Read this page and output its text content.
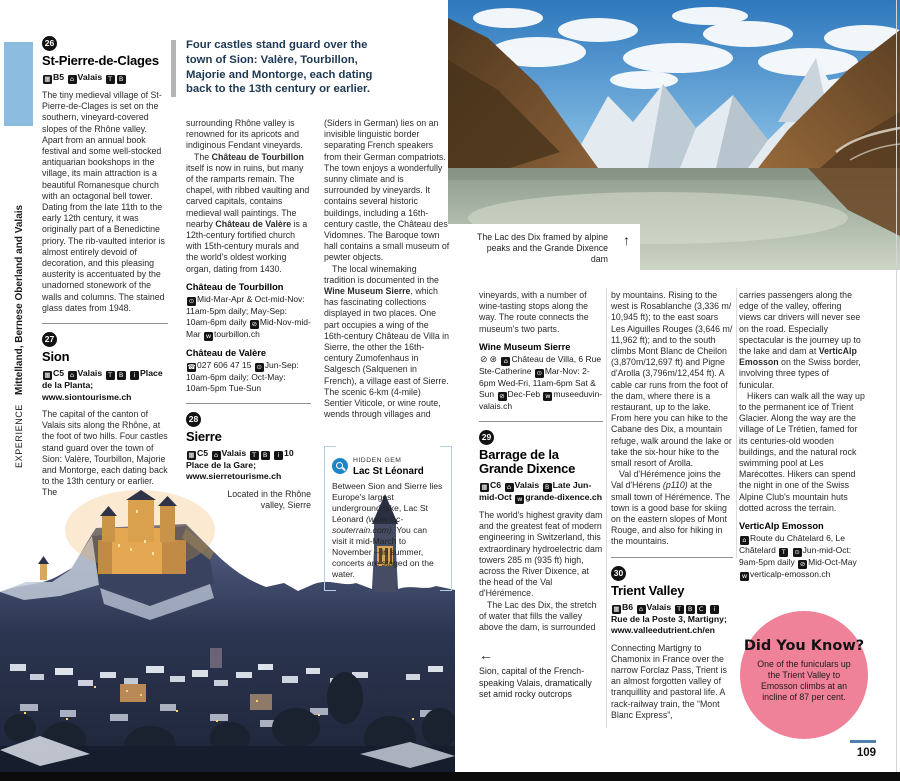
The Lac des Dix framed by alpine peaks and the Grande Dixence dam
↑
EXPERIENCEMittelland, Bernese Oberland and Valais
Four castles stand guard over the town of Sion: Valère, Tourbillon, Majorie and Montorge, each dating back to the 13th century or earlier.
26
St-Pierre-de-Clages
▦ B5 ⌂ Valais T B

The tiny medieval village of St-Pierre-de-Clages is set on the southern, vineyard-covered slopes of the Rhône valley. Apart from an annual book festival and some well-stocked antiquarian bookshops in the village, its main attraction is a beautiful Romanesque church with an octagonal bell tower. Dating from the late 11th to the early 12th century, it was originally part of a Benedictine priory. The rib-vaulted interior is almost entirely devoid of decoration, and this pleasing austerity is accentuated by the unadorned stonework of the walls and columns. The stained glass dates from 1948.

27
Sion
▦ C5 ⌂ Valais T B i Place de la Planta; www.siontourisme.ch

The capital of the canton of Valais sits along the Rhône, at the foot of two hills. Four castles stand guard over the town of Sion: Valère, Tourbillon, Majorie and Montorge, each dating back to the 13th century or earlier. The

surrounding Rhône valley is renowned for its apricots and indiginous Fendant vineyards.

The Château de Tourbillon itself is now in ruins, but many of the ramparts remain. The chapel, with ribbed vaulting and carved capitals, contains medieval wall paintings. The nearby Château de Valère is a 12th-century fortified church with 15th-century murals and the world's oldest working organ, dating from 1430.

Château de Tourbillon

⊙ Mid-Mar-Apr & Oct-mid-Nov: 11am-5pm daily; May-Sep: 10am-6pm daily ⊘ Mid-Nov-mid-Mar w tourbillon.ch

Château de Valère

☎027 606 47 15 ⊙ Jun-Sep: 10am-6pm daily; Oct-May: 10am-5pm Tue-Sun

28
Sierre
▦ C5 ⌂ Valais T B i 10 Place de la Gare; www.sierretourisme.ch

Located in the Rhône valley, Sierre

(Siders in German) lies on an invisible linguistic border separating French speakers from their German compatriots. The town enjoys a wonderfully sunny climate and is surrounded by vineyards. It contains several historic buildings, including a 16th-century castle, the Château des Vidomnes. The Baroque town hall contains a small museum of pewter objects.

The local winemaking tradition is documented in the Wine Museum Sierre, which has fascinating collections displayed in two places. One part occupies a wing of the 16th-century Château de Villa in Sierre, the other the 16th-century Zumofenhaus in Salgesch (Salquenen in French), a village east of Sierre. The scenic 6-km (4-mile) Sentier Viticole, or wine route, wends through villages and

HIDDEN GEM
Lac St Léonard
Between Sion and Sierre lies Europe's largest underground lake, Lac St Léonard (www.lac-souterrain.com). You can visit it mid-March to November – in summer, concerts are staged on the water.

vineyards, with a number of wine-tasting stops along the way. The route connects the museum's two parts.

Wine Museum Sierre

⊘ ⊛ ⌂ Château de Villa, 6 Rue Ste-Catherine ⊙ Mar-Nov: 2-6pm Wed-Fri, 11am-6pm Sat & Sun ⊘ Dec-Feb w museeduvin-valais.ch

29
Barrage de la Grande Dixence
▦ C6 ⌂ Valais B Late Jun-mid-Oct w grande-dixence.ch

The world's highest gravity dam and the greatest feat of modern engineering in Switzerland, this extraordinary hydroelectric dam towers 285 m (935 ft) high, across the River Dixence, at the head of the Val d'Hérémence.

The Lac des Dix, the stretch of water that fills the valley above the dam, is surrounded

←

Sion, capital of the French-speaking Valais, dramatically set amid rocky outcrops

by mountains. Rising to the west is Rosablanche (3,336 m/ 10,945 ft); to the east soars Les Aiguilles Rouges (3,646 m/ 11,962 ft); and to the south climbs Mont Blanc de Cheilon (3,870m/12,697 ft) and Pigne d'Arolla (3,796m/12,454 ft). A cable car runs from the foot of the dam, where there is a restaurant, up to the lake. From here you can hike to the Cabane des Dix, a mountain refuge, walk around the lake or take the six-hour hike to the small resort of Arolla.

Val d'Hérémence joins the Val d'Hérens (p110) at the small town of Hérémence. The town is a good base for skiing on the eastern slopes of Mont Rouge, and also for hiking in the mountains.

30
Trient Valley
▦ B6 ⌂ Valais T B C iRue de la Poste 3, Martigny; www.valleedutrient.ch/en

Connecting Martigny to Chamonix in France over the narrow Forclaz Pass, Trient is an almost forgotten valley of tranquillity and pastoral life. A rack-railway train, the “Mont Blanc Express”,

carries passengers along the edge of the valley, offering views car drivers will never see on the road. Especially spectacular is the journey up to the lake and dam at VerticAlp Emosson on the Swiss border, involving three types of funicular.

Hikers can walk all the way up to the permanent ice of Trient Glacier. Along the way are the village of Le Trétien, famed for its centuries-old wooden buildings, and the natural rock swimming pool at Les Marécottes. Hikers can spend the night in one of the Swiss Alpine Club's mountain huts dotted across the terrain.

VerticAlp Emosson

⌂ Route du Châtelard 6, Le Châtelard T ⊙ Jun-mid-Oct: 9am-5pm daily ⊘ Mid-Oct-May w verticalp-emosson.ch

Did You Know?
One of the funiculars up the Trient Valley to Emosson climbs at an incline of 87 per cent.
109
